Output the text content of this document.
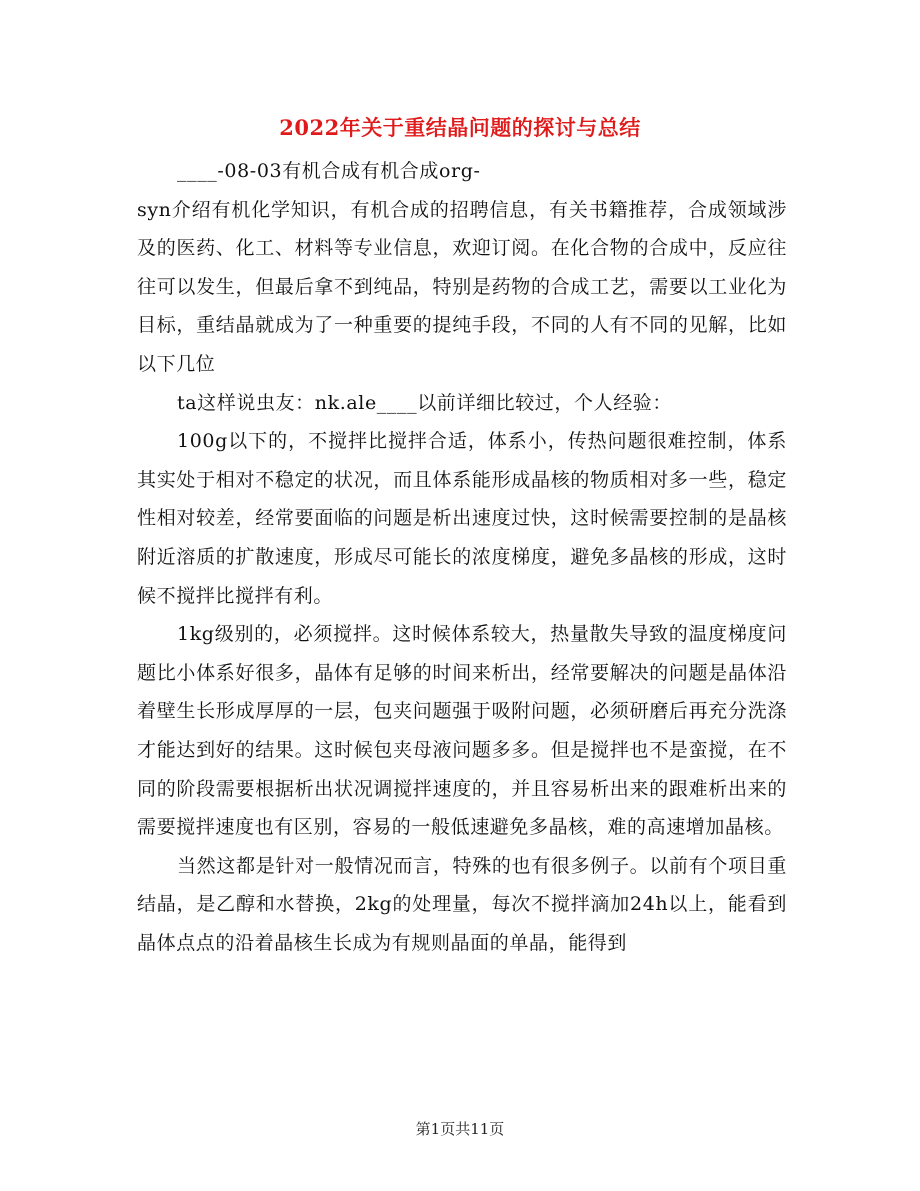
2022年关于重结晶问题的探讨与总结

____-08-03有机合成有机合成org-

syn介绍有机化学知识，有机合成的招聘信息，有关书籍推荐，合成领域涉及的医药、化工、材料等专业信息，欢迎订阅。在化合物的合成中，反应往往可以发生，但最后拿不到纯品，特别是药物的合成工艺，需要以工业化为目标，重结晶就成为了一种重要的提纯手段，不同的人有不同的见解，比如以下几位

ta这样说虫友：nk.ale____以前详细比较过，个人经验：

100g以下的，不搅拌比搅拌合适，体系小，传热问题很难控制，体系其实处于相对不稳定的状况，而且体系能形成晶核的物质相对多一些，稳定性相对较差，经常要面临的问题是析出速度过快，这时候需要控制的是晶核附近溶质的扩散速度，形成尽可能长的浓度梯度，避免多晶核的形成，这时候不搅拌比搅拌有利。

1kg级别的，必须搅拌。这时候体系较大，热量散失导致的温度梯度问题比小体系好很多，晶体有足够的时间来析出，经常要解决的问题是晶体沿着壁生长形成厚厚的一层，包夹问题强于吸附问题，必须研磨后再充分洗涤才能达到好的结果。这时候包夹母液问题多多。但是搅拌也不是蛮搅，在不同的阶段需要根据析出状况调搅拌速度的，并且容易析出来的跟难析出来的需要搅拌速度也有区别，容易的一般低速避免多晶核，难的高速增加晶核。

当然这都是针对一般情况而言，特殊的也有很多例子。以前有个项目重结晶，是乙醇和水替换，2kg的处理量，每次不搅拌滴加24h以上，能看到晶体点点的沿着晶核生长成为有规则晶面的单晶，能得到

第1页共11页
